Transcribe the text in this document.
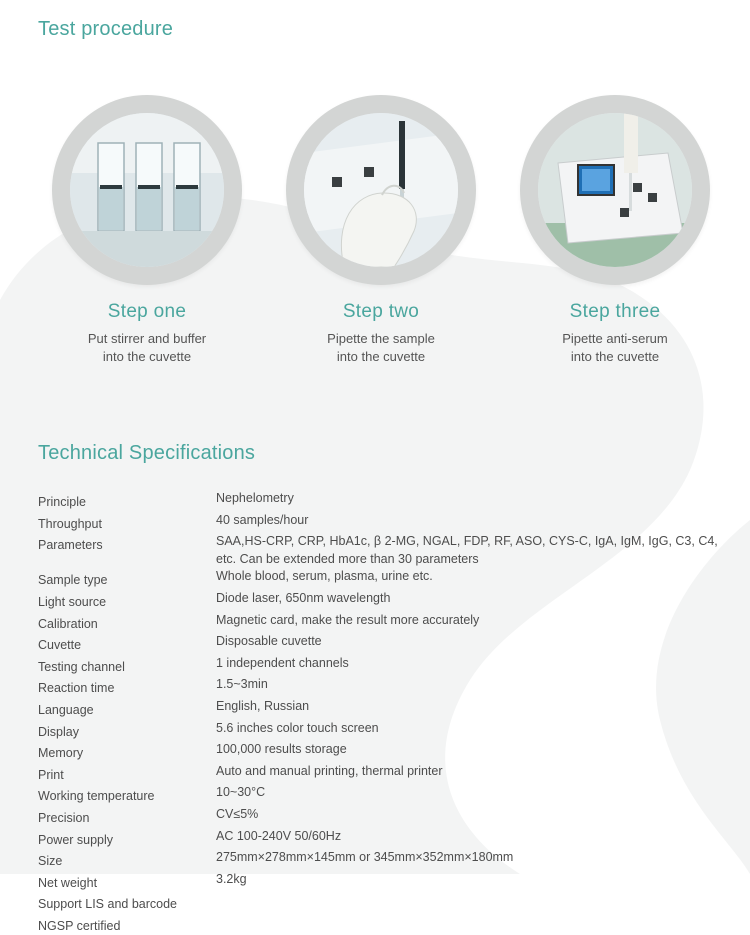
Test procedure
Step one
Put stirrer and buffer
into the cuvette
Step two
Pipette the sample
into the cuvette
Step three
Pipette anti-serum
into the cuvette
Technical Specifications
Principle	Nephelometry
Throughput	40 samples/hour
Parameters	SAA,HS-CRP, CRP, HbA1c, β 2-MG, NGAL, FDP, RF, ASO, CYS-C, IgA, IgM, IgG, C3, C4, etc. Can be extended more than 30 parameters
Sample type	Whole blood, serum, plasma, urine etc.
Light source	Diode laser, 650nm wavelength
Calibration	Magnetic card, make the result more accurately
Cuvette	Disposable cuvette
Testing channel	1 independent channels
Reaction time	1.5~3min
Language	English, Russian
Display	5.6 inches color touch screen
Memory	100,000 results storage
Print	Auto and manual printing, thermal printer
Working temperature	10~30°C
Precision	CV≤5%
Power supply	AC 100-240V 50/60Hz
Size	275mm×278mm×145mm or 345mm×352mm×180mm
Net weight	3.2kg
Support LIS and barcode
NGSP certified
